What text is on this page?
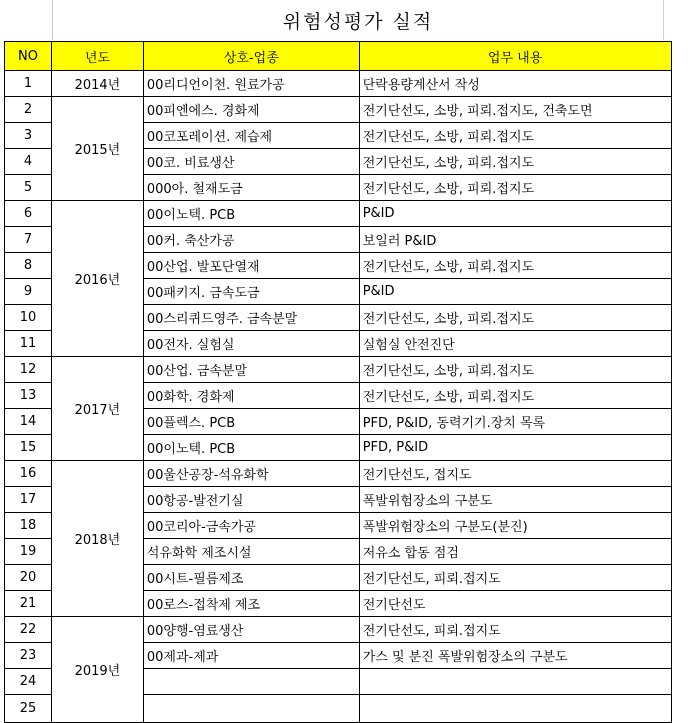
위험성평가 실적
NO	년도	상호-업종	업무 내용	
1	2014년	00리디언이천. 원료가공	단락용량계산서 작성	
2	2015년	00피엔에스. 경화제	전기단선도, 소방, 피뢰.접지도, 건축도면	
3		00코포레이션. 제습제	전기단선도, 소방, 피뢰.접지도	
4		00코. 비료생산	전기단선도, 소방, 피뢰.접지도	
5		000아. 철재도금	전기단선도, 소방, 피뢰.접지도	
6	2016년	00이노텍. PCB	P&ID	
7		00커. 축산가공	보일러 P&ID	
8		00산업. 발포단열재	전기단선도, 소방, 피뢰.접지도	
9		00패키지. 금속도금	P&ID	
10		00스리퀴드영주. 금속분말	전기단선도, 소방, 피뢰.접지도	
11		00전자. 실험실	실험실 안전진단	
12	2017년	00산업. 금속분말	전기단선도, 소방, 피뢰.접지도	
13		00화학. 경화제	전기단선도, 소방, 피뢰.접지도	
14		00플렉스. PCB	PFD, P&ID, 동력기기.장치 목록	
15		00이노텍. PCB	PFD, P&ID	
16	2018년	00울산공장-석유화학	전기단선도, 접지도	
17		00항공-발전기실	폭발위험장소의 구분도	
18		00코리아-금속가공	폭발위험장소의 구분도(분진)	
19		석유화학 제조시설	저유소 합동 점검	
20		00시트-필름제조	전기단선도, 피뢰.접지도	
21		00로스-접착제 제조	전기단선도	
22	2019년	00양행-염료생산	전기단선도, 피뢰.접지도	
23		00제과-제과	가스 및 분진 폭발위험장소의 구분도	
24				
25				
